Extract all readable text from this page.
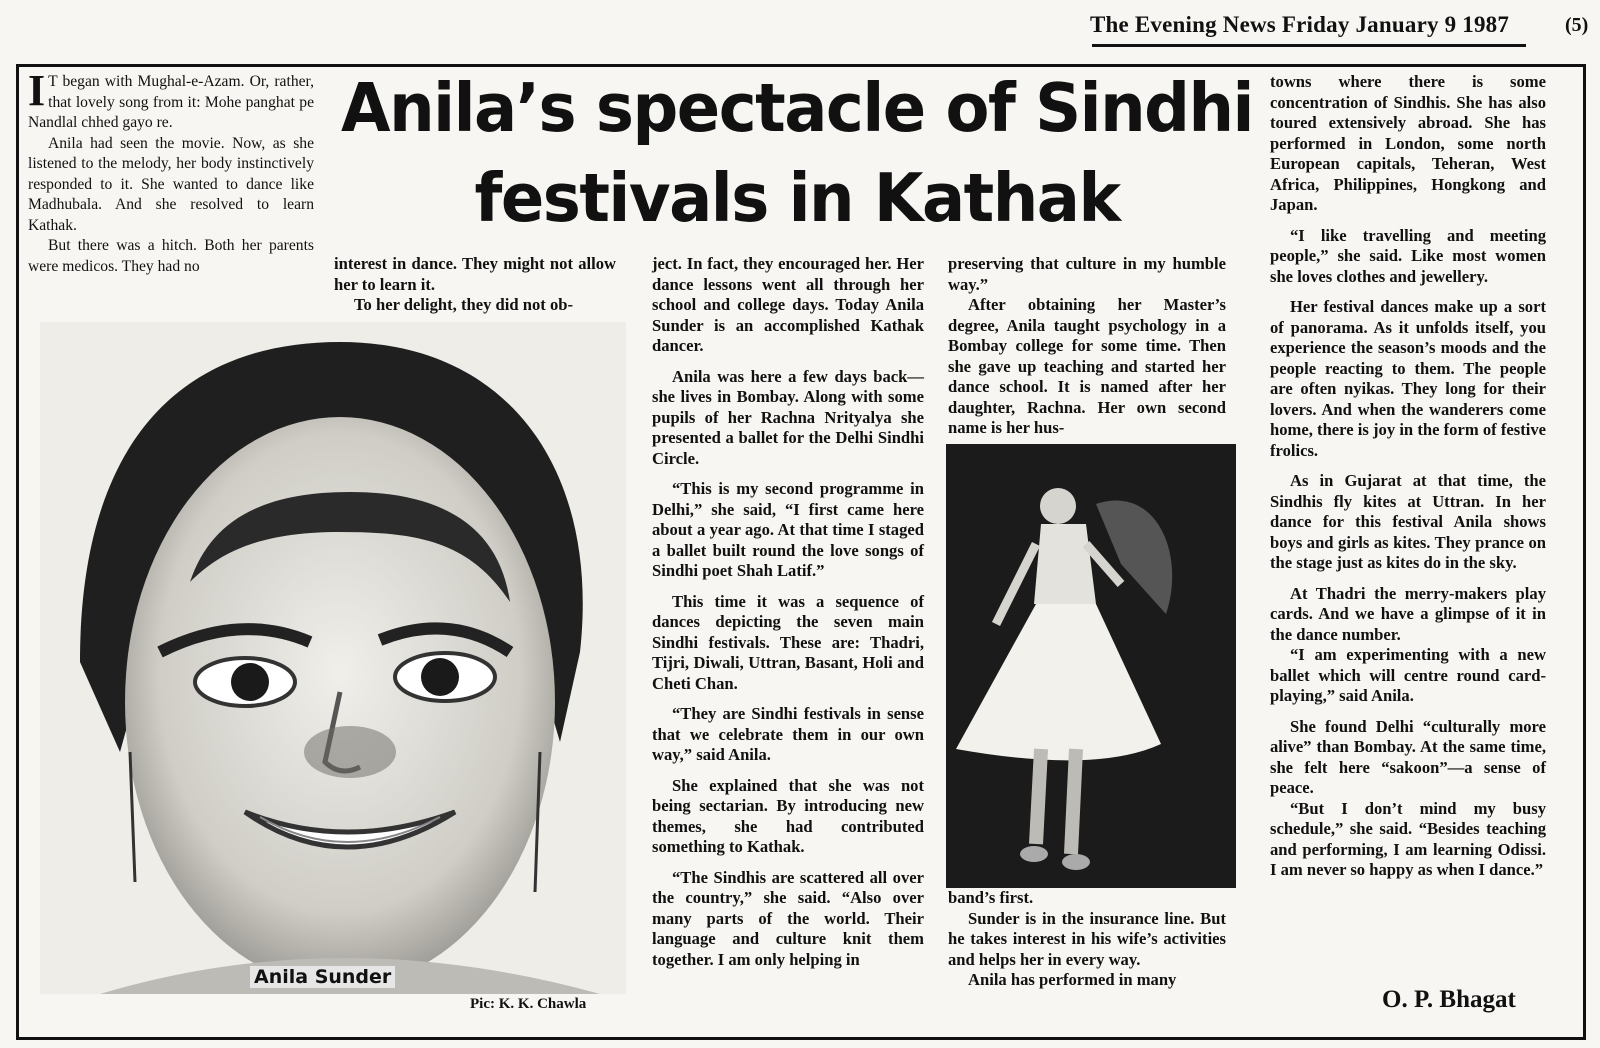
The Evening News Friday January 9 1987	(5)
Anila’s spectacle of Sindhi
festivals in Kathak
I T began with Mughal-e-Azam. Or, rather, that lovely song from it: Mohe panghat pe Nandlal chhed gayo re.

Anila had seen the movie. Now, as she listened to the melody, her body instinctively responded to it. She wanted to dance like Madhubala. And she resolved to learn Kathak.

But there was a hitch. Both her parents were medicos. They had no	interest in dance. They might not allow her to learn it.

To her delight, they did not ob-

Anila Sunder
Pic: K. K. Chawla

ject. In fact, they encouraged her. Her dance lessons went all through her school and college days. Today Anila Sunder is an accomplished Kathak dancer.

Anila was here a few days back—she lives in Bombay. Along with some pupils of her Rachna Nrityalya she presented a ballet for the Delhi Sindhi Circle.

“This is my second programme in Delhi,” she said, “I first came here about a year ago. At that time I staged a ballet built round the love songs of Sindhi poet Shah Latif.”

This time it was a sequence of dances depicting the seven main Sindhi festivals. These are: Thadri, Tijri, Diwali, Uttran, Basant, Holi and Cheti Chan.

“They are Sindhi festivals in sense that we celebrate them in our own way,” said Anila.

She explained that she was not being sectarian. By introducing new themes, she had contributed something to Kathak.

“The Sindhis are scattered all over the country,” she said. “Also over many parts of the world. Their language and culture knit them together. I am only helping in

preserving that culture in my humble way.”

After obtaining her Master’s degree, Anila taught psychology in a Bombay college for some time. Then she gave up teaching and started her dance school. It is named after her daughter, Rachna. Her own second name is her hus-

band’s first.

Sunder is in the insurance line. But he takes interest in his wife’s activities and helps her in every way.

Anila has performed in many

towns where there is some concentration of Sindhis. She has also toured extensively abroad. She has performed in London, some north European capitals, Teheran, West Africa, Philippines, Hongkong and Japan.

“I like travelling and meeting people,” she said. Like most women she loves clothes and jewellery.

Her festival dances make up a sort of panorama. As it unfolds itself, you experience the season’s moods and the people reacting to them. The people are often nyikas. They long for their lovers. And when the wanderers come home, there is joy in the form of festive frolics.

As in Gujarat at that time, the Sindhis fly kites at Uttran. In her dance for this festival Anila shows boys and girls as kites. They prance on the stage just as kites do in the sky.

At Thadri the merry-makers play cards. And we have a glimpse of it in the dance number.

“I am experimenting with a new ballet which will centre round card-playing,” said Anila.

She found Delhi “culturally more alive” than Bombay. At the same time, she felt here “sakoon”—a sense of peace.

“But I don’t mind my busy schedule,” she said. “Besides teaching and performing, I am learning Odissi. I am never so happy as when I dance.”

O. P. Bhagat
